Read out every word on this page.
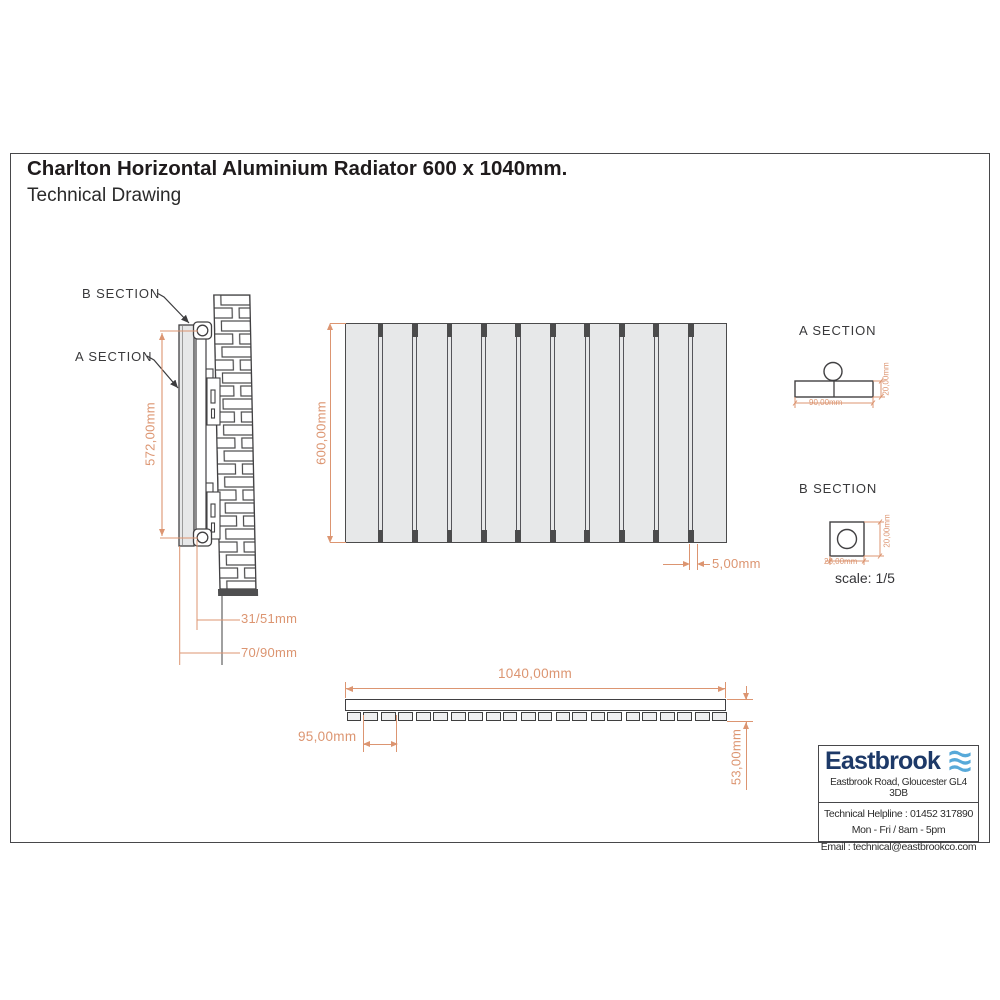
Charlton Horizontal Aluminium Radiator 600 x 1040mm.
Technical Drawing
B SECTION
A SECTION
572,00mm
31/51mm
70/90mm
600,00mm
5,00mm
A SECTION
90,00mm
20,00mm
B SECTION
28,00mm
20,00mm
scale: 1/5
1040,00mm
95,00mm	53,00mm	Eastbrook
Eastbrook Road, Gloucester GL4 3DB
Technical Helpline : 01452 317890
Mon - Fri / 8am - 5pm
Email : technical@eastbrookco.com
